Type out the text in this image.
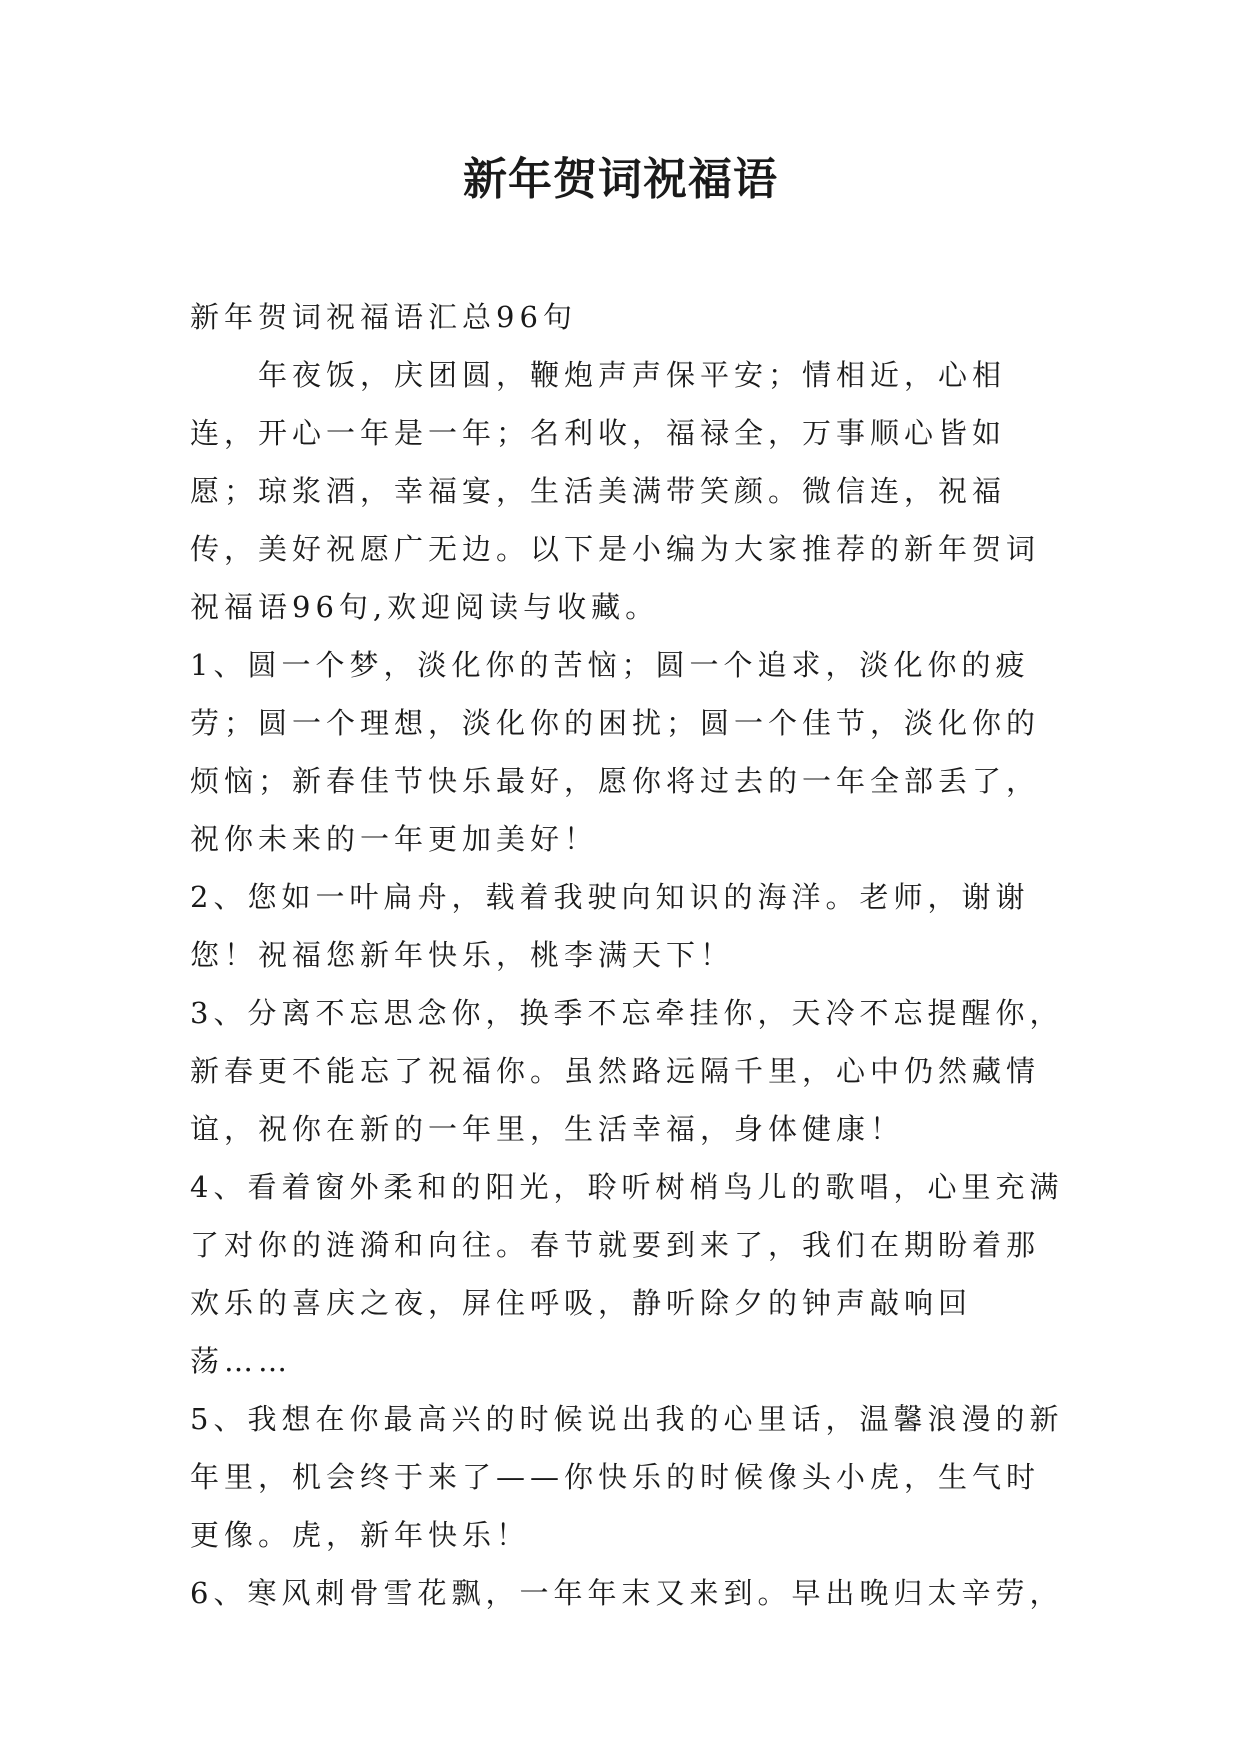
新年贺词祝福语

新年贺词祝福语汇总96句

年夜饭，庆团圆，鞭炮声声保平安；情相近，心相连，开心一年是一年；名利收，福禄全，万事顺心皆如愿；琼浆酒，幸福宴，生活美满带笑颜。微信连，祝福传，美好祝愿广无边。以下是小编为大家推荐的新年贺词祝福语96句,欢迎阅读与收藏。

1、圆一个梦，淡化你的苦恼；圆一个追求，淡化你的疲劳；圆一个理想，淡化你的困扰；圆一个佳节，淡化你的烦恼；新春佳节快乐最好，愿你将过去的一年全部丢了，祝你未来的一年更加美好！

2、您如一叶扁舟，载着我驶向知识的海洋。老师，谢谢您！祝福您新年快乐，桃李满天下！

3、分离不忘思念你，换季不忘牵挂你，天冷不忘提醒你，新春更不能忘了祝福你。虽然路远隔千里，心中仍然藏情谊，祝你在新的一年里，生活幸福，身体健康！

4、看着窗外柔和的阳光，聆听树梢鸟儿的歌唱，心里充满了对你的涟漪和向往。春节就要到来了，我们在期盼着那欢乐的喜庆之夜，屏住呼吸，静听除夕的钟声敲响回荡……

5、我想在你最高兴的时候说出我的心里话，温馨浪漫的新年里，机会终于来了——你快乐的时候像头小虎，生气时更像。虎，新年快乐！

6、寒风刺骨雪花飘，一年年末又来到。早出晚归太辛劳，
